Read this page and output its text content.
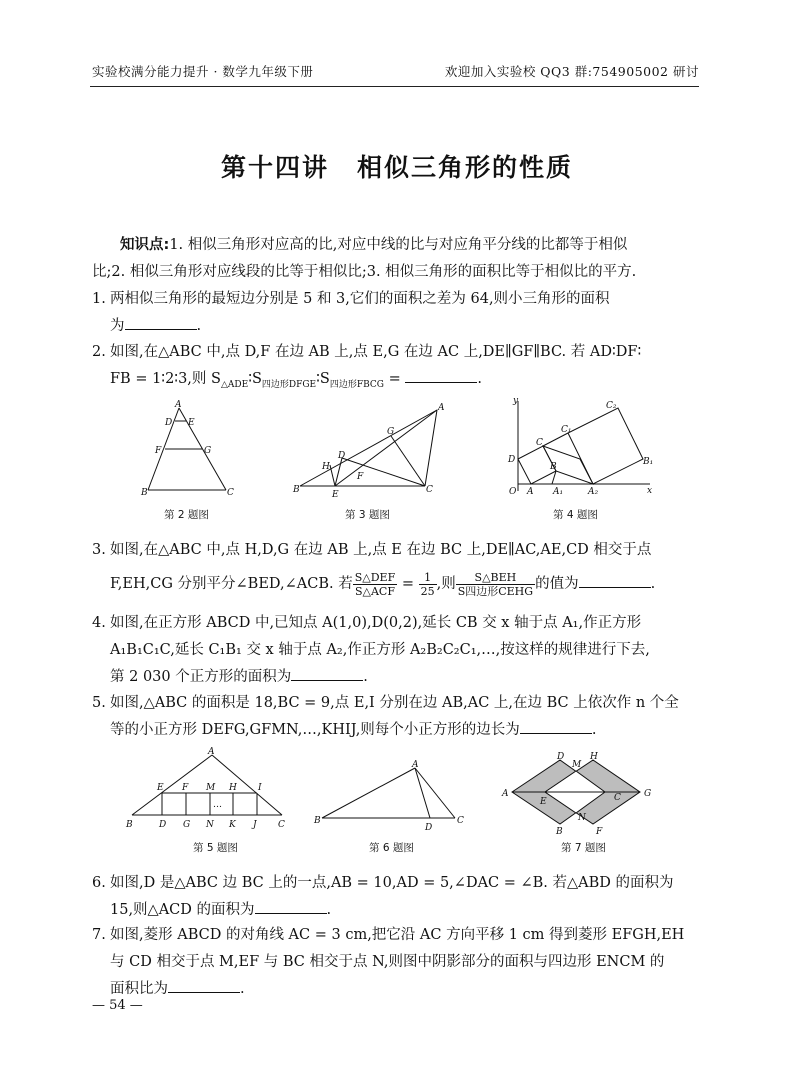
实验校满分能力提升 · 数学九年级下册	欢迎加入实验校 QQ3 群:754905002 研讨
第十四讲 相似三角形的性质
知识点:1. 相似三角形对应高的比,对应中线的比与对应角平分线的比都等于相似
比;2. 相似三角形对应线段的比等于相似比;3. 相似三角形的面积比等于相似比的平方.
1. 两相似三角形的最短边分别是 5 和 3,它们的面积之差为 64,则小三角形的面积
为	.
2. 如图,在△ABC 中,点 D,F 在边 AB 上,点 E,G 在边 AC 上,DE∥GF∥BC. 若 AD∶DF∶
FB = 1∶2∶3,则 $S_{\triangle ADE}∶S_{四边形DFGE}∶S_{四边形FBCG}$ =	.
A
D E
F	G
B	C
第 2 题图
A
G
D
H
F
B	E	C
第 3 题图
y
x
O A A₁	A₂
D
C
C₁
C₂
B	B₁
第 4 题图
3. 如图,在△ABC 中,点 H,D,G 在边 AB 上,点 E 在边 BC 上,DE∥AC,AE,CD 相交于点
F,EH,CG 分别平分∠BED,∠ACB. 若 $\frac{\text{S△DEF}}{\text{S△ACF}} = \frac{1}{25}$ ,则 $\frac{\text{S△BEH}}{\text{S四边形CEHG}}$ 的值为	.
4. 如图,在正方形 ABCD 中,已知点 A(1,0),D(0,2),延长 CB 交 x 轴于点 A₁,作正方形
A₁B₁C₁C,延长 C₁B₁ 交 x 轴于点 A₂,作正方形 A₂B₂C₂C₁,…,按这样的规律进行下去,
第 2 030 个正方形的面积为	.
5. 如图,△ABC 的面积是 18,BC = 9,点 E,I 分别在边 AB,AC 上,在边 BC 上依次作 n 个全
等的小正方形 DEFG,GFMN,…,KHIJ,则每个小正方形的边长为	.
A
E F M H I
B	D G N K J C
…
第 5 题图
A
B
D
C
第 6 题图
D
M
H
A
E	C	G
B
N
F
第 7 题图
6. 如图,D 是△ABC 边 BC 上的一点,AB = 10,AD = 5,∠DAC = ∠B. 若△ABD 的面积为
15,则△ACD 的面积为	.
7. 如图,菱形 ABCD 的对角线 AC = 3 cm,把它沿 AC 方向平移 1 cm 得到菱形 EFGH,EH
与 CD 相交于点 M,EF 与 BC 相交于点 N,则图中阴影部分的面积与四边形 ENCM 的
面积比为	.
— 54 —
